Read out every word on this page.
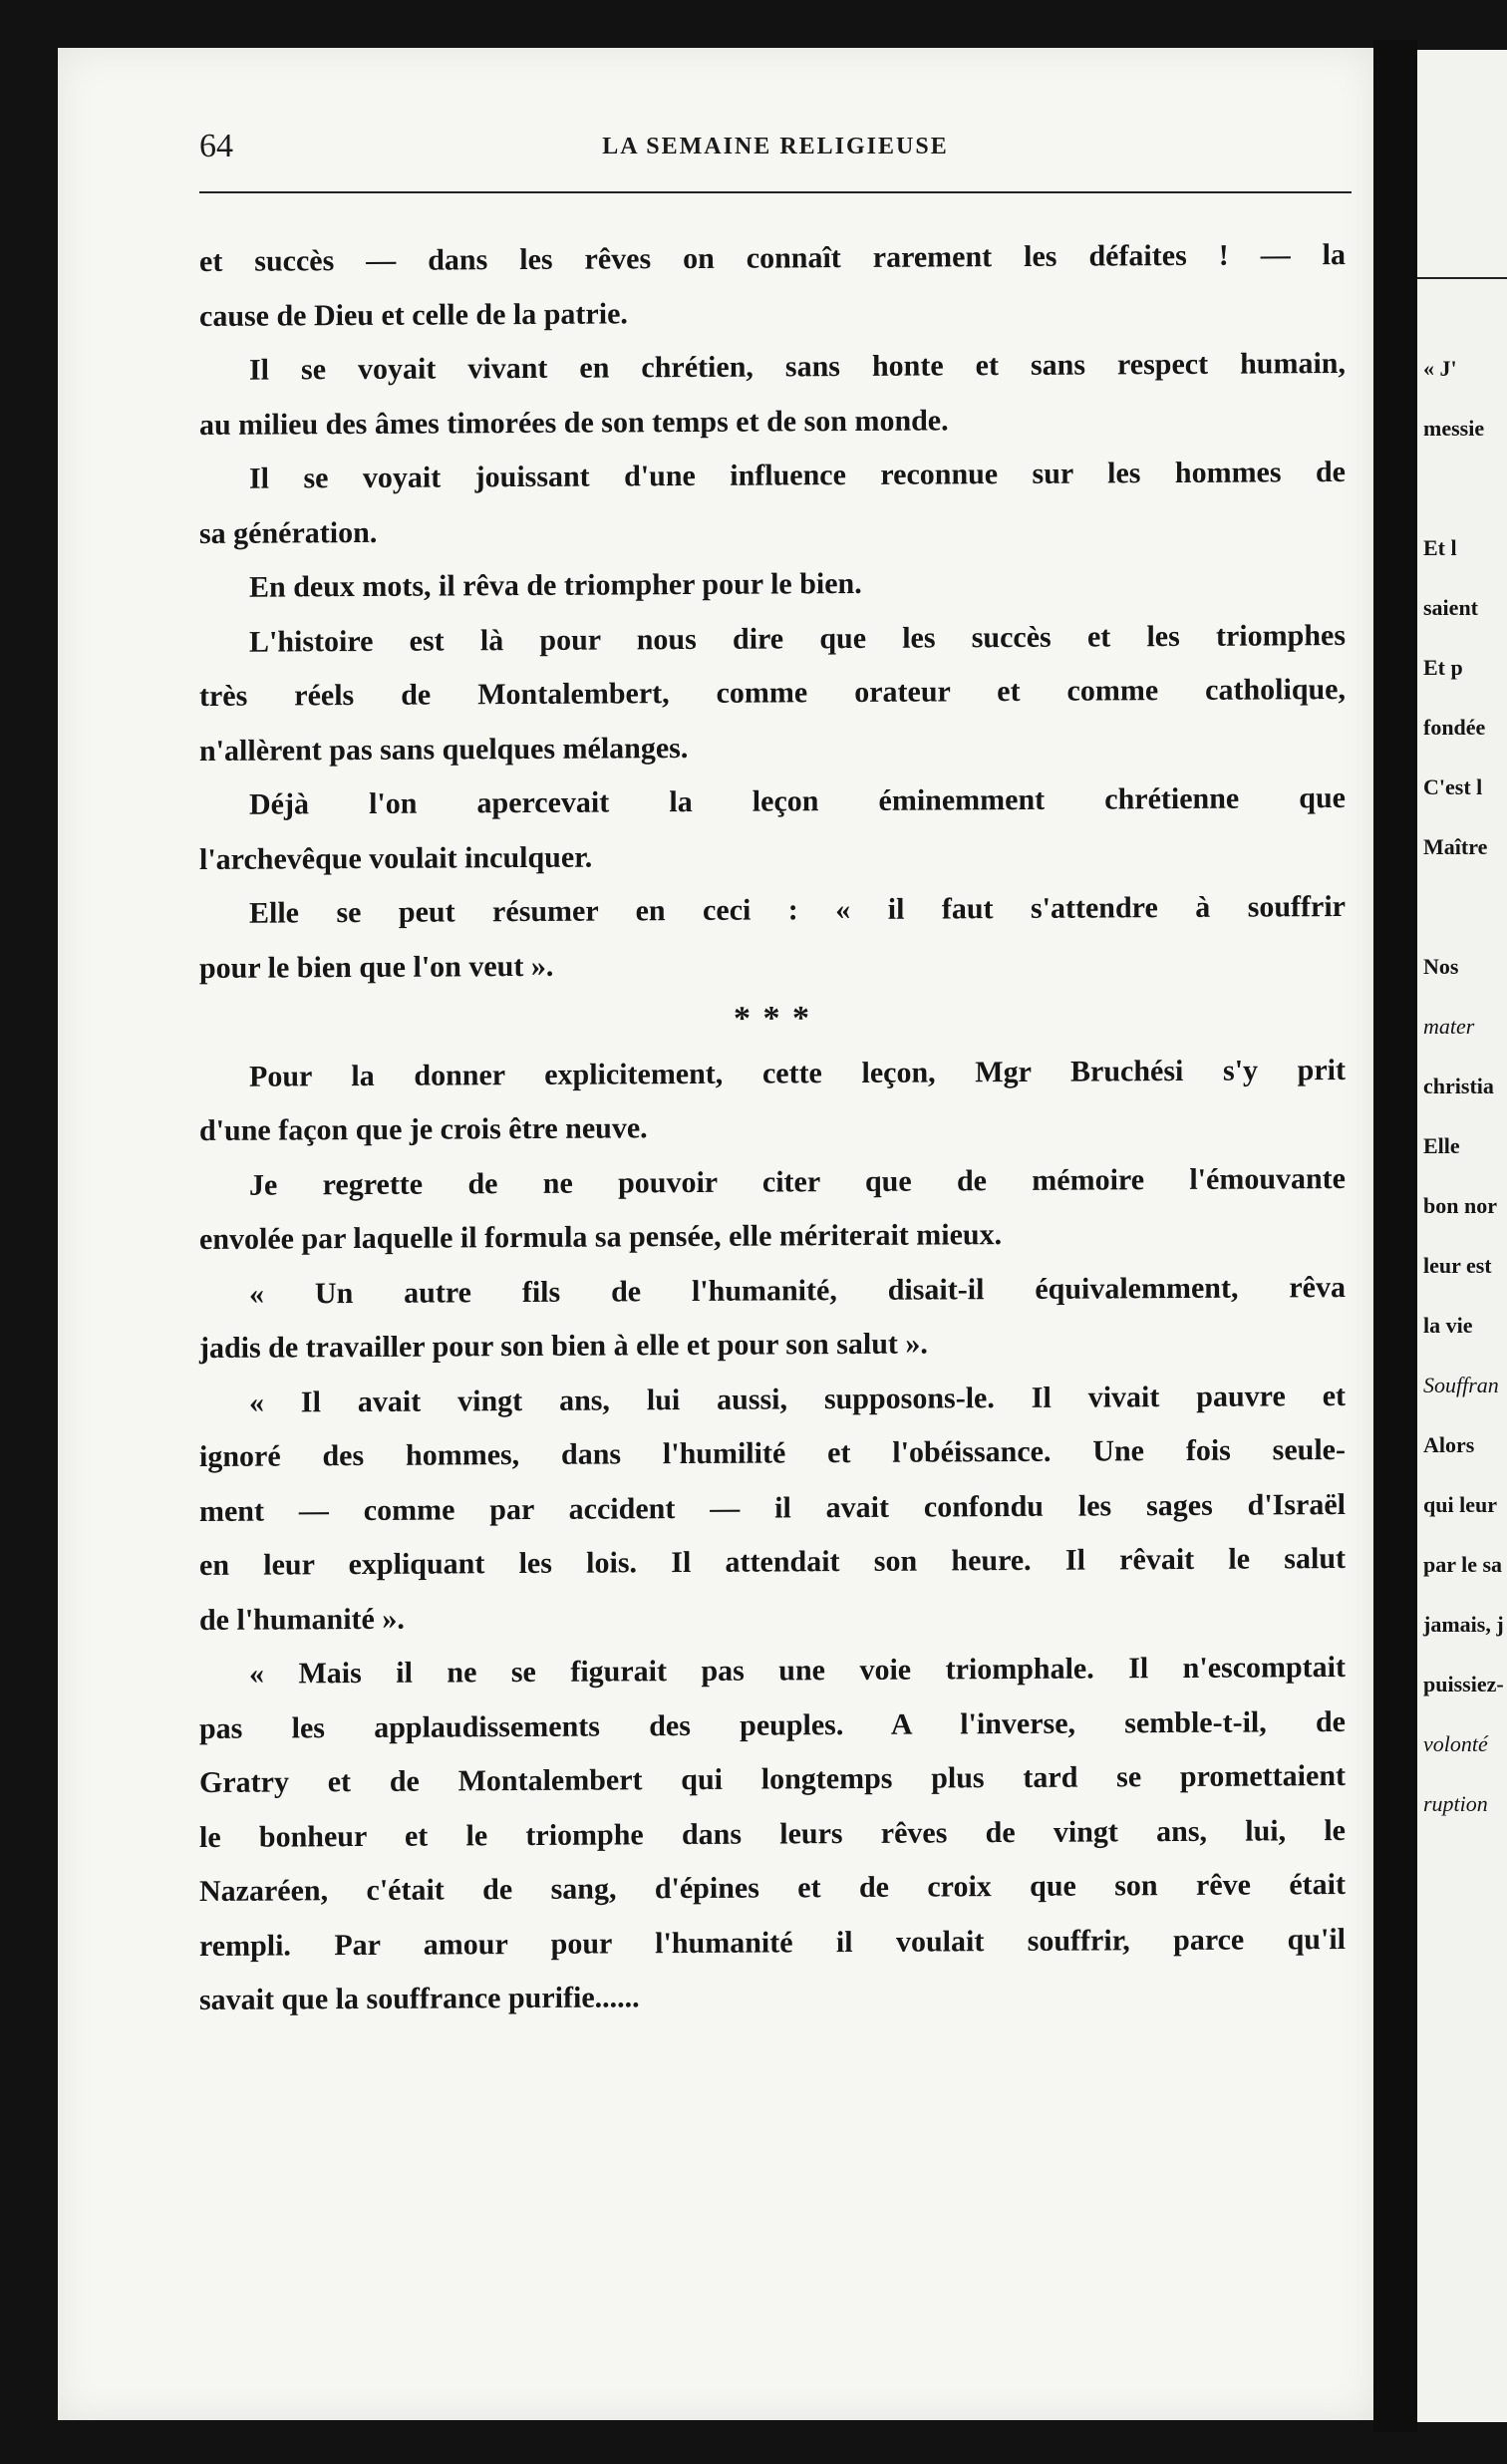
64	LA SEMAINE RELIGIEUSE
et succès — dans les rêves on connaît rarement les défaites ! — la
cause de Dieu et celle de la patrie.
Il se voyait vivant en chrétien, sans honte et sans respect humain,
au milieu des âmes timorées de son temps et de son monde.
Il se voyait jouissant d'une influence reconnue sur les hommes de
sa génération.
En deux mots, il rêva de triompher pour le bien.
L'histoire est là pour nous dire que les succès et les triomphes
très réels de Montalembert, comme orateur et comme catholique,
n'allèrent pas sans quelques mélanges.
Déjà l'on apercevait la leçon éminemment chrétienne que
l'archevêque voulait inculquer.
Elle se peut résumer en ceci : « il faut s'attendre à souffrir
pour le bien que l'on veut ».
* * *
Pour la donner explicitement, cette leçon, Mgr Bruchési s'y prit
d'une façon que je crois être neuve.
Je regrette de ne pouvoir citer que de mémoire l'émouvante
envolée par laquelle il formula sa pensée, elle mériterait mieux.
« Un autre fils de l'humanité, disait-il équivalemment, rêva
jadis de travailler pour son bien à elle et pour son salut ».
« Il avait vingt ans, lui aussi, supposons-le. Il vivait pauvre et
ignoré des hommes, dans l'humilité et l'obéissance. Une fois seule-
ment — comme par accident — il avait confondu les sages d'Israël
en leur expliquant les lois. Il attendait son heure. Il rêvait le salut
de l'humanité ».
« Mais il ne se figurait pas une voie triomphale. Il n'escomptait
pas les applaudissements des peuples. A l'inverse, semble-t-il, de
Gratry et de Montalembert qui longtemps plus tard se promettaient
le bonheur et le triomphe dans leurs rêves de vingt ans, lui, le
Nazaréen, c'était de sang, d'épines et de croix que son rêve était
rempli. Par amour pour l'humanité il voulait souffrir, parce qu'il
savait que la souffrance purifie......
« J'
messie
Et l
saient
Et p
fondée
C'est l
Maître
Nos
mater
christia
Elle
bon nor
leur est
la vie
Souffran
Alors
qui leur
par le sa
jamais, j
puissiez-
volonté
ruption
